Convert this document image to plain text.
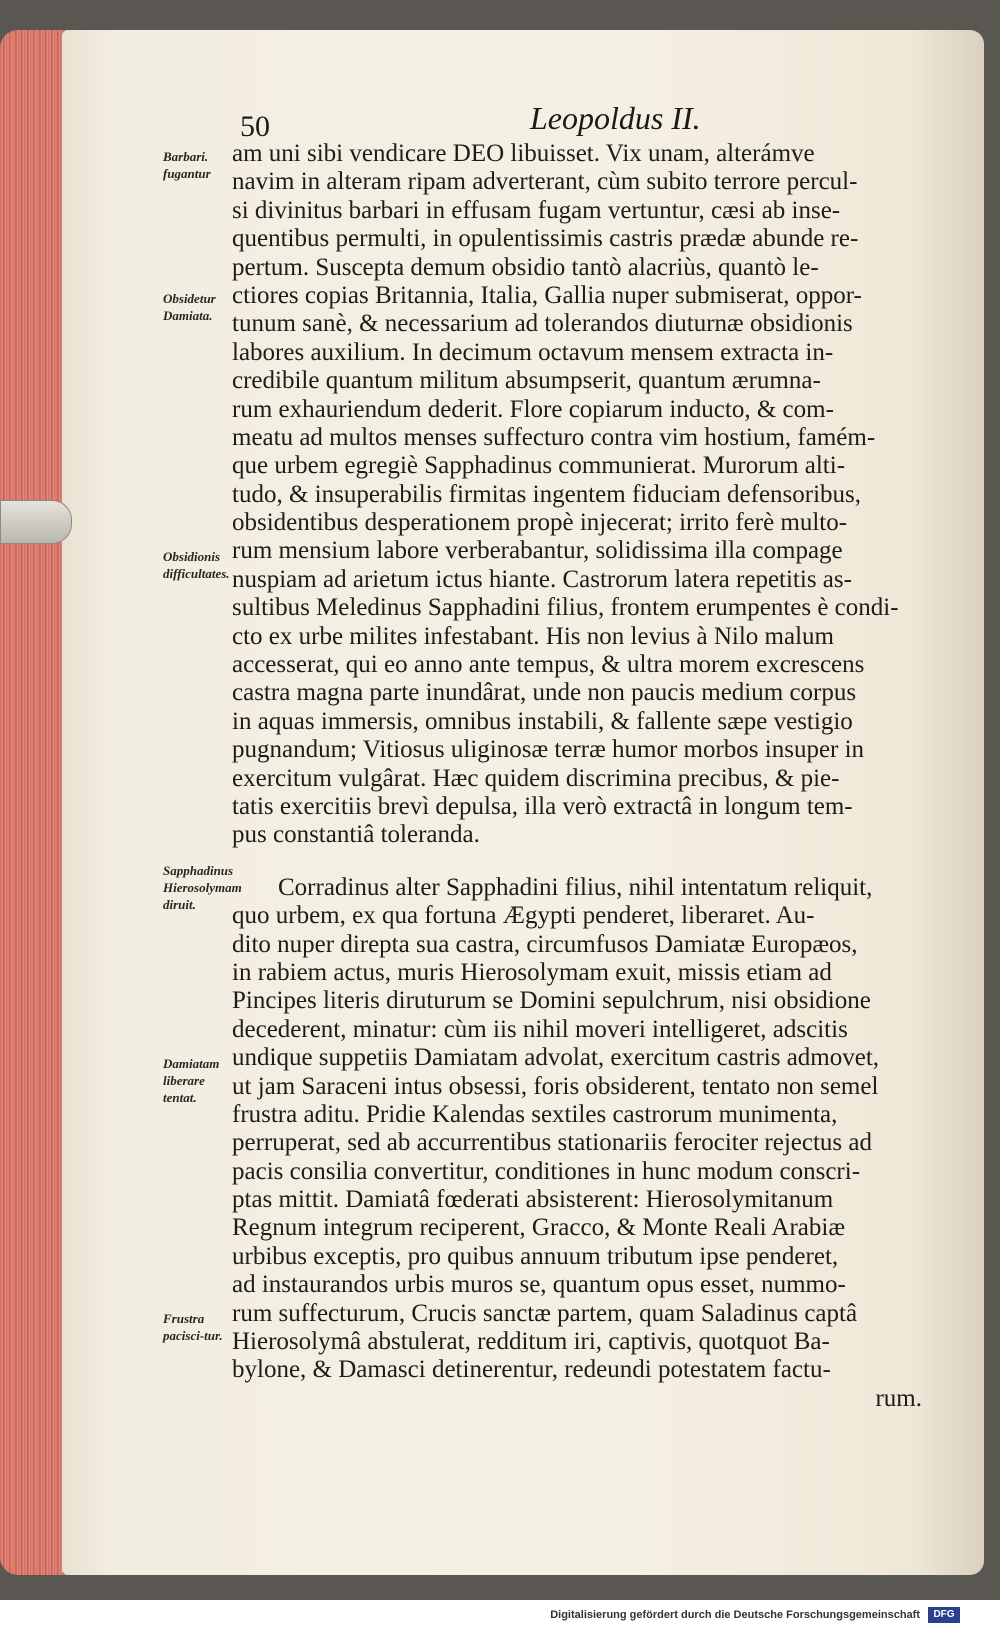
50	Leopoldus II.
Barbari. fugantur
Obsidetur Damiata.
Obsidionis difficultates.
Sapphadinus Hierosolymam diruit.
Damiatam liberare tentat.
Frustra pacisci-tur.
am uni sibi vendicare DEO libuisset. Vix unam, alterámve
navim in alteram ripam adverterant, cùm subito terrore percul-
si divinitus barbari in effusam fugam vertuntur, cæsi ab inse-
quentibus permulti, in opulentissimis castris prædæ abunde re-
pertum. Suscepta demum obsidio tantò alacriùs, quantò le-
ctiores copias Britannia, Italia, Gallia nuper submiserat, oppor-
tunum sanè, & necessarium ad tolerandos diuturnæ obsidionis
labores auxilium. In decimum octavum mensem extracta in-
credibile quantum militum absumpserit, quantum ærumna-
rum exhauriendum dederit. Flore copiarum inducto, & com-
meatu ad multos menses suffecturo contra vim hostium, famém-
que urbem egregiè Sapphadinus communierat. Murorum alti-
tudo, & insuperabilis firmitas ingentem fiduciam defensoribus,
obsidentibus desperationem propè injecerat; irrito ferè multo-
rum mensium labore verberabantur, solidissima illa compage
nuspiam ad arietum ictus hiante. Castrorum latera repetitis as-
sultibus Meledinus Sapphadini filius, frontem erumpentes è condi-
cto ex urbe milites infestabant. His non levius à Nilo malum
accesserat, qui eo anno ante tempus, & ultra morem excrescens
castra magna parte inundârat, unde non paucis medium corpus
in aquas immersis, omnibus instabili, & fallente sæpe vestigio
pugnandum; Vitiosus uliginosæ terræ humor morbos insuper in
exercitum vulgârat. Hæc quidem discrimina precibus, & pie-
tatis exercitiis brevì depulsa, illa verò extractâ in longum tem-
pus constantiâ toleranda.
Corradinus alter Sapphadini filius, nihil intentatum reliquit,
quo urbem, ex qua fortuna Ægypti penderet, liberaret. Au-
dito nuper direpta sua castra, circumfusos Damiatæ Europæos,
in rabiem actus, muris Hierosolymam exuit, missis etiam ad
Pincipes literis diruturum se Domini sepulchrum, nisi obsidione
decederent, minatur: cùm iis nihil moveri intelligeret, adscitis
undique suppetiis Damiatam advolat, exercitum castris admovet,
ut jam Saraceni intus obsessi, foris obsiderent, tentato non semel
frustra aditu. Pridie Kalendas sextiles castrorum munimenta,
perruperat, sed ab accurrentibus stationariis ferociter rejectus ad
pacis consilia convertitur, conditiones in hunc modum conscri-
ptas mittit. Damiatâ fœderati absisterent: Hierosolymitanum
Regnum integrum reciperent, Gracco, & Monte Reali Arabiæ
urbibus exceptis, pro quibus annuum tributum ipse penderet,
ad instaurandos urbis muros se, quantum opus esset, nummo-
rum suffecturum, Crucis sanctæ partem, quam Saladinus captâ
Hierosolymâ abstulerat, redditum iri, captivis, quotquot Ba-
bylone, & Damasci detinerentur, redeundi potestatem factu-
rum.
Digitalisierung gefördert durch die Deutsche Forschungsgemeinschaft	DFG
